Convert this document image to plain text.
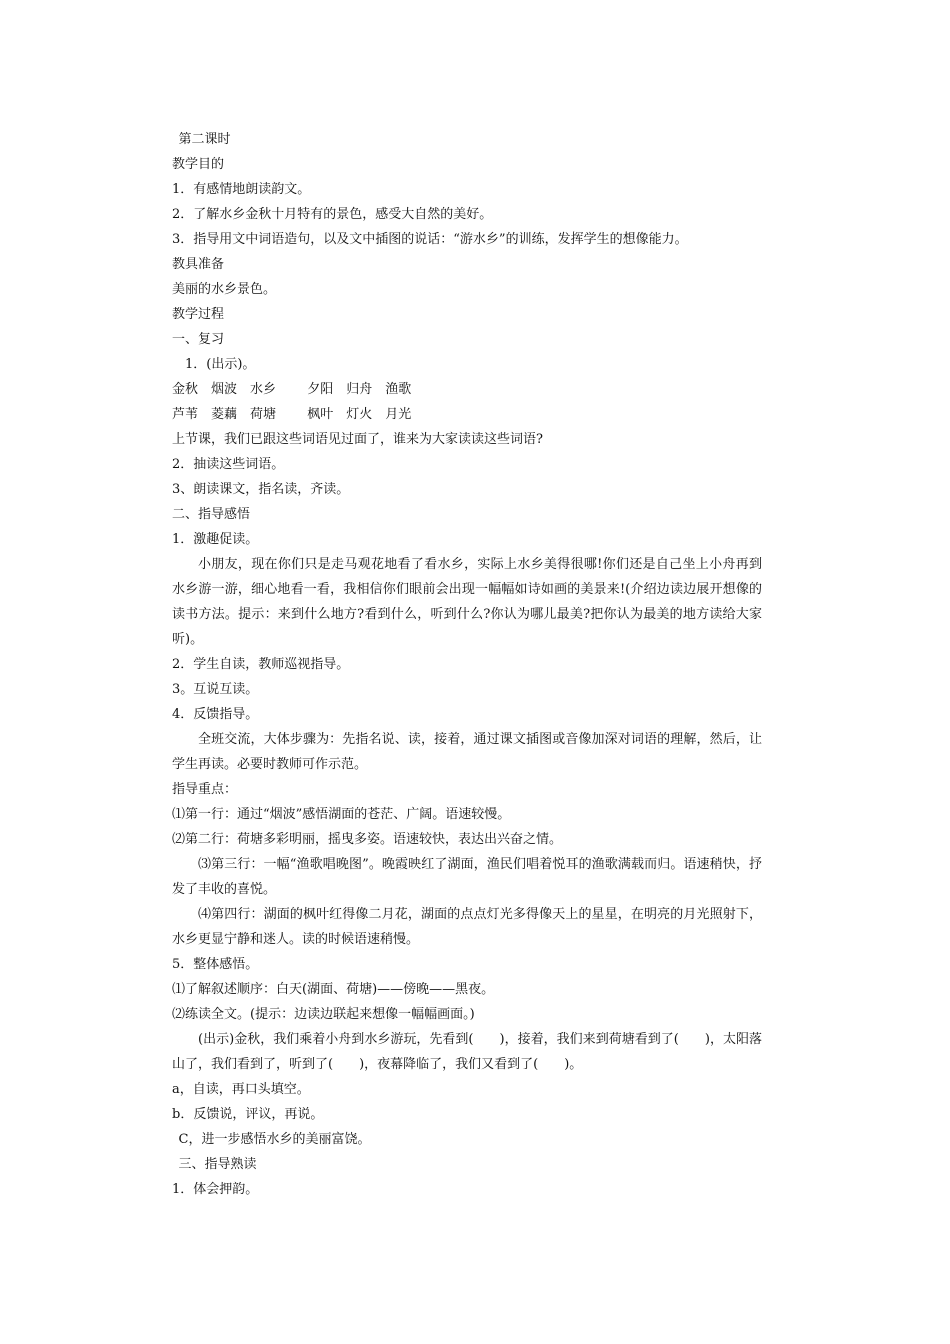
第二课时
教学目的
1．有感情地朗读韵文。
2．了解水乡金秋十月特有的景色，感受大自然的美好。
3．指导用文中词语造句，以及文中插图的说话：“游水乡”的训练，发挥学生的想像能力。
教具准备
美丽的水乡景色。
教学过程
一、复习
1．(出示)。
金秋 烟波 水乡 夕阳 归舟 渔歌
芦苇 菱藕 荷塘 枫叶 灯火 月光
上节课，我们已跟这些词语见过面了，谁来为大家读读这些词语?
2．抽读这些词语。
3、朗读课文，指名读，齐读。
二、指导感悟
1．激趣促读。
小朋友，现在你们只是走马观花地看了看水乡，实际上水乡美得很哪!你们还是自己坐上小舟再到水乡游一游，细心地看一看，我相信你们眼前会出现一幅幅如诗如画的美景来!(介绍边读边展开想像的读书方法。提示：来到什么地方?看到什么，听到什么?你认为哪儿最美?把你认为最美的地方读给大家听)。
2．学生自读，教师巡视指导。
3。互说互读。
4．反馈指导。
全班交流，大体步骤为：先指名说、读，接着，通过课文插图或音像加深对词语的理解，然后，让学生再读。必要时教师可作示范。
指导重点：
⑴第一行：通过“烟波”感悟湖面的苍茫、广阔。语速较慢。
⑵第二行：荷塘多彩明丽，摇曳多姿。语速较快，表达出兴奋之情。
⑶第三行：一幅“渔歌唱晚图”。晚霞映红了湖面，渔民们唱着悦耳的渔歌满载而归。语速稍快，抒发了丰收的喜悦。
⑷第四行：湖面的枫叶红得像二月花，湖面的点点灯光多得像天上的星星，在明亮的月光照射下，水乡更显宁静和迷人。读的时候语速稍慢。
5．整体感悟。
⑴了解叙述顺序：白天(湖面、荷塘)——傍晚——黑夜。
⑵练读全文。(提示：边读边联起来想像一幅幅画面。)
(出示)金秋，我们乘着小舟到水乡游玩，先看到(　　)，接着，我们来到荷塘看到了(　　)，太阳落山了，我们看到了，听到了(　　)，夜幕降临了，我们又看到了(　　)。
a，自读，再口头填空。
b．反馈说，评议，再说。
C，进一步感悟水乡的美丽富饶。
三、指导熟读
1．体会押韵。
